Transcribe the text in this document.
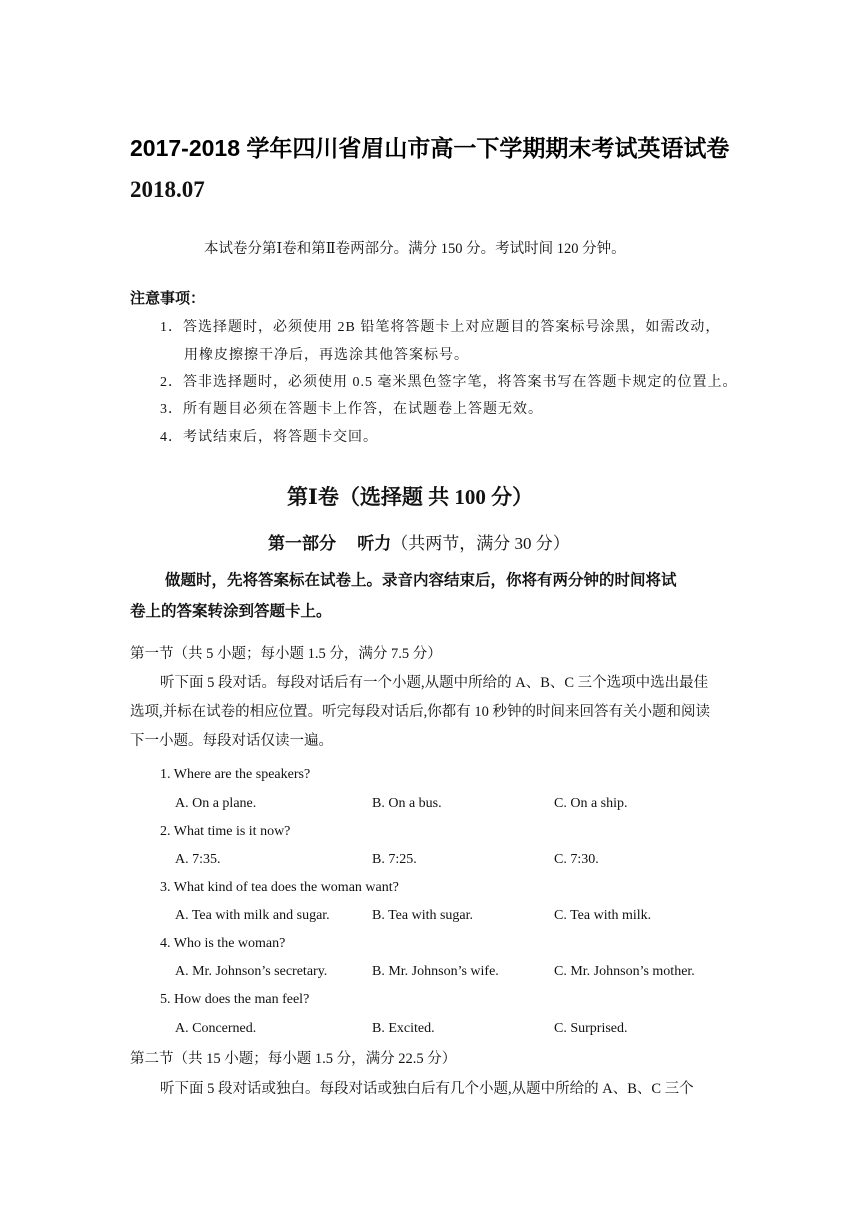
2017-2018 学年四川省眉山市高一下学期期末考试英语试卷
2018.07
本试卷分第Ⅰ卷和第Ⅱ卷两部分。满分 150 分。考试时间 120 分钟。
注意事项：
1．答选择题时，必须使用 2B 铅笔将答题卡上对应题目的答案标号涂黑，如需改动，
用橡皮擦擦干净后，再选涂其他答案标号。
2．答非选择题时，必须使用 0.5 毫米黑色签字笔，将答案书写在答题卡规定的位置上。
3．所有题目必须在答题卡上作答，在试题卷上答题无效。
4．考试结束后，将答题卡交回。
第Ⅰ卷（选择题 共 100 分）
第一部分　 听力（共两节，满分 30 分）
做题时，先将答案标在试卷上。录音内容结束后，你将有两分钟的时间将试
卷上的答案转涂到答题卡上。
第一节（共 5 小题；每小题 1.5 分，满分 7.5 分）
听下面 5 段对话。每段对话后有一个小题,从题中所给的 A、B、C 三个选项中选出最佳
选项,并标在试卷的相应位置。听完每段对话后,你都有 10 秒钟的时间来回答有关小题和阅读
下一小题。每段对话仅读一遍。
1. Where are the speakers?
A. On a plane.	B. On a bus.	C. On a ship.
2. What time is it now?
A. 7:35.	B. 7:25.	C. 7:30.
3. What kind of tea does the woman want?
A. Tea with milk and sugar.	B. Tea with sugar.	C. Tea with milk.
4. Who is the woman?
A. Mr. Johnson’s secretary.	B. Mr. Johnson’s wife.	C. Mr. Johnson’s mother.
5. How does the man feel?
A. Concerned.	B. Excited.	C. Surprised.
第二节（共 15 小题；每小题 1.5 分，满分 22.5 分）
听下面 5 段对话或独白。每段对话或独白后有几个小题,从题中所给的 A、B、C 三个
